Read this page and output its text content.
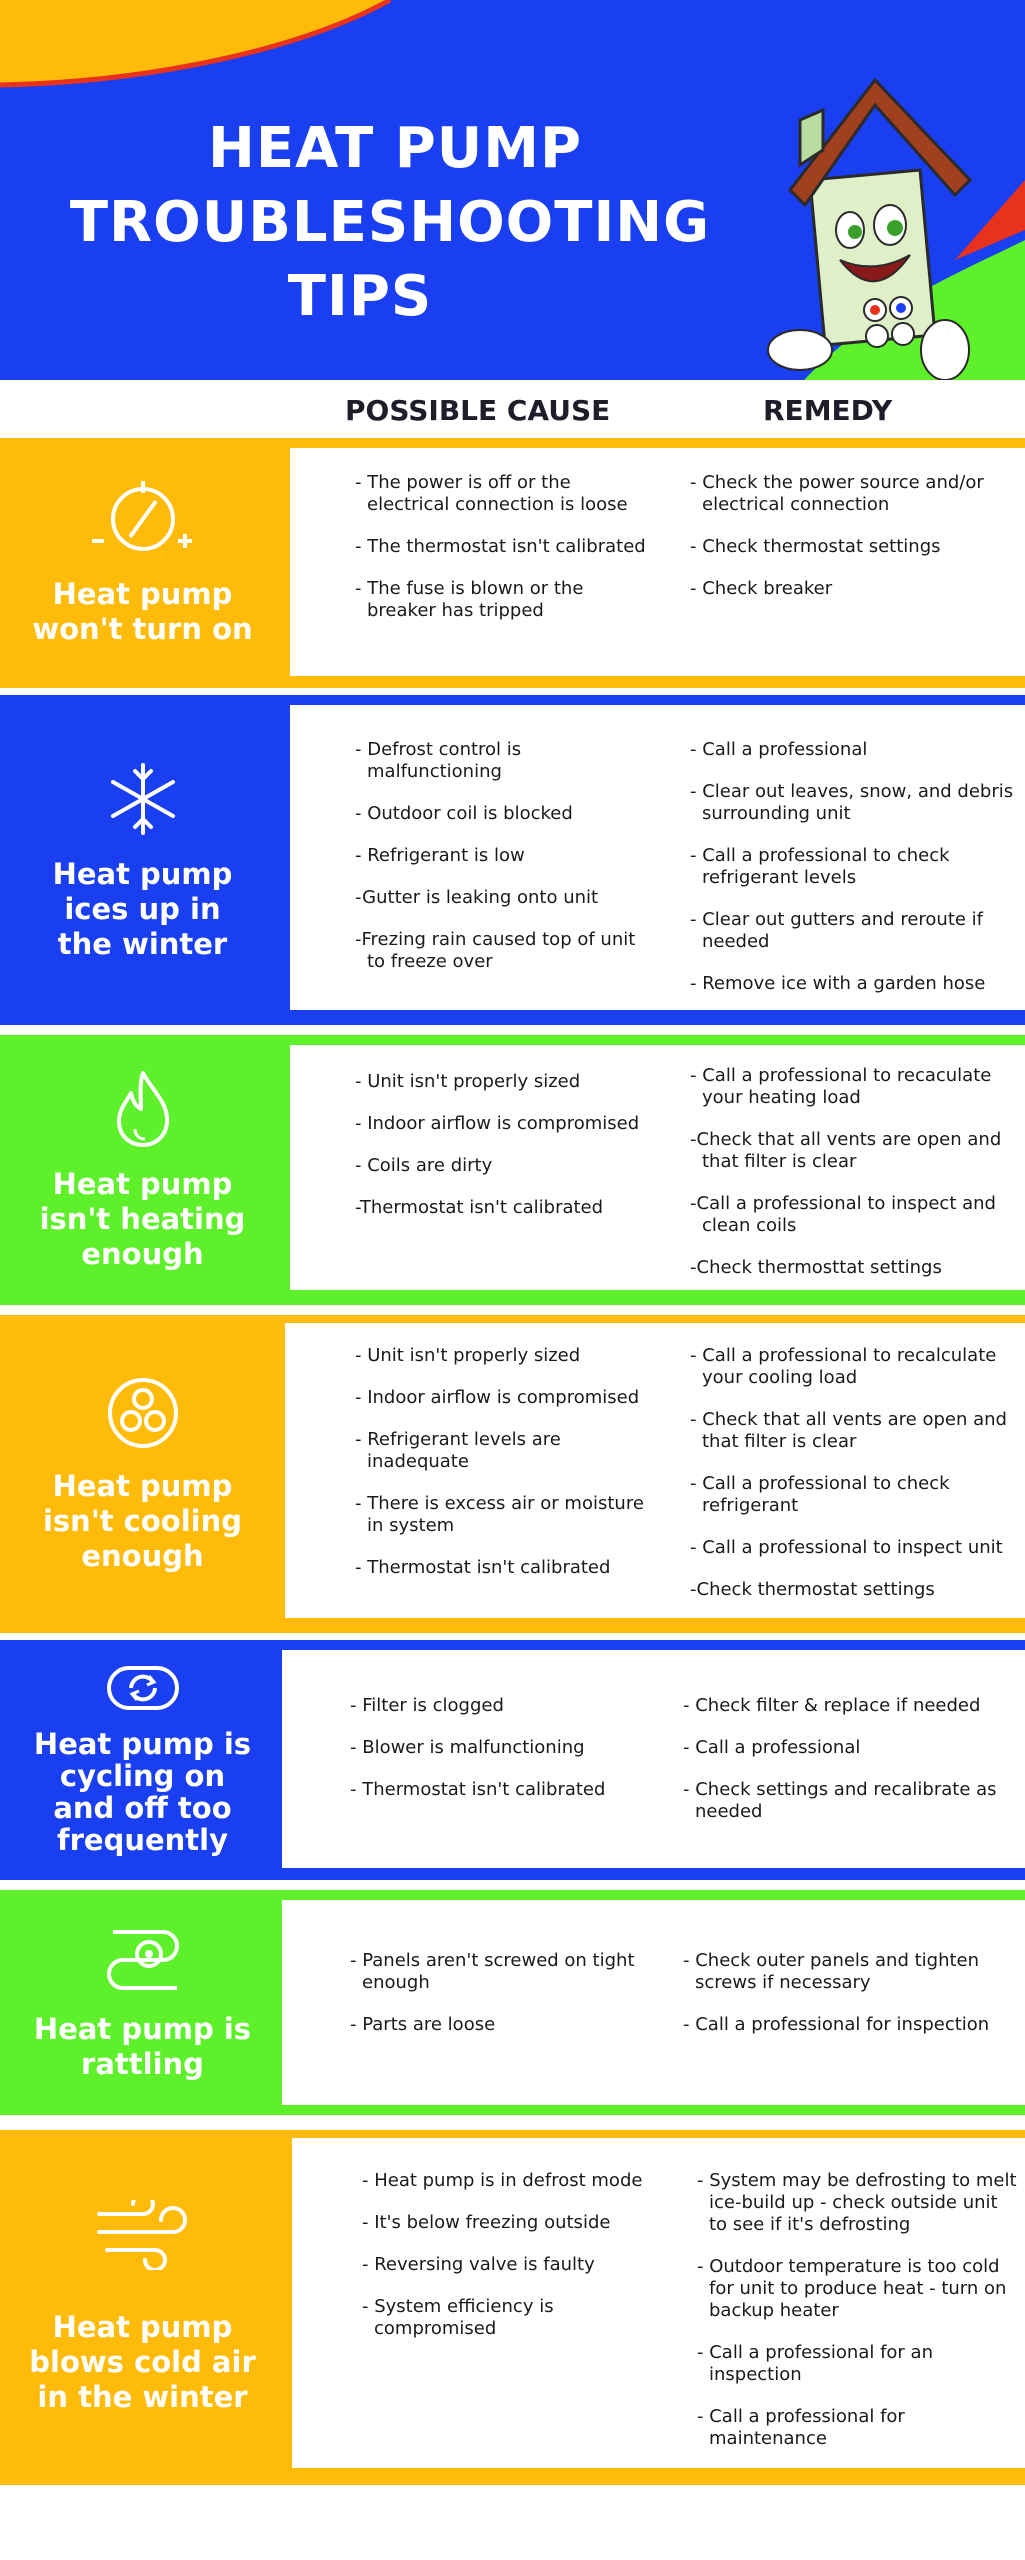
HEAT PUMP
TROUBLESHOOTING
TIPS
POSSIBLE CAUSE	REMEDY
Heat pump
won't turn on
- The power is off or the electrical connection is loose
- The thermostat isn't calibrated
- The fuse is blown or the breaker has tripped
- Check the power source and/or electrical connection
- Check thermostat settings
- Check breaker
Heat pump
ices up in
the winter
- Defrost control is malfunctioning
- Outdoor coil is blocked
- Refrigerant is low
-Gutter is leaking onto unit
-Frezing rain caused top of unit to freeze over
- Call a professional
- Clear out leaves, snow, and debris surrounding unit
- Call a professional to check refrigerant levels
- Clear out gutters and reroute if needed
- Remove ice with a garden hose
Heat pump
isn't heating
enough
- Unit isn't properly sized
- Indoor airflow is compromised
- Coils are dirty
-Thermostat isn't calibrated
- Call a professional to recaculate your heating load
-Check that all vents are open and that filter is clear
-Call a professional to inspect and clean coils
-Check thermosttat settings
Heat pump
isn't cooling
enough
- Unit isn't properly sized
- Indoor airflow is compromised
- Refrigerant levels are inadequate
- There is excess air or moisture in system
- Thermostat isn't calibrated
- Call a professional to recalculate your cooling load
- Check that all vents are open and that filter is clear
- Call a professional to check refrigerant
- Call a professional to inspect unit
-Check thermostat settings
Heat pump is
cycling on
and off too
frequently
- Filter is clogged
- Blower is malfunctioning
- Thermostat isn't calibrated
- Check filter & replace if needed
- Call a professional
- Check settings and recalibrate as needed
Heat pump is
rattling
- Panels aren't screwed on tight enough
- Parts are loose
- Check outer panels and tighten screws if necessary
- Call a professional for inspection
Heat pump
blows cold air
in the winter
- Heat pump is in defrost mode
- It's below freezing outside
- Reversing valve is faulty
- System efficiency is compromised
- System may be defrosting to melt ice-build up - check outside unit to see if it's defrosting
- Outdoor temperature is too cold for unit to produce heat - turn on backup heater
- Call a professional for an inspection
- Call a professional for maintenance
